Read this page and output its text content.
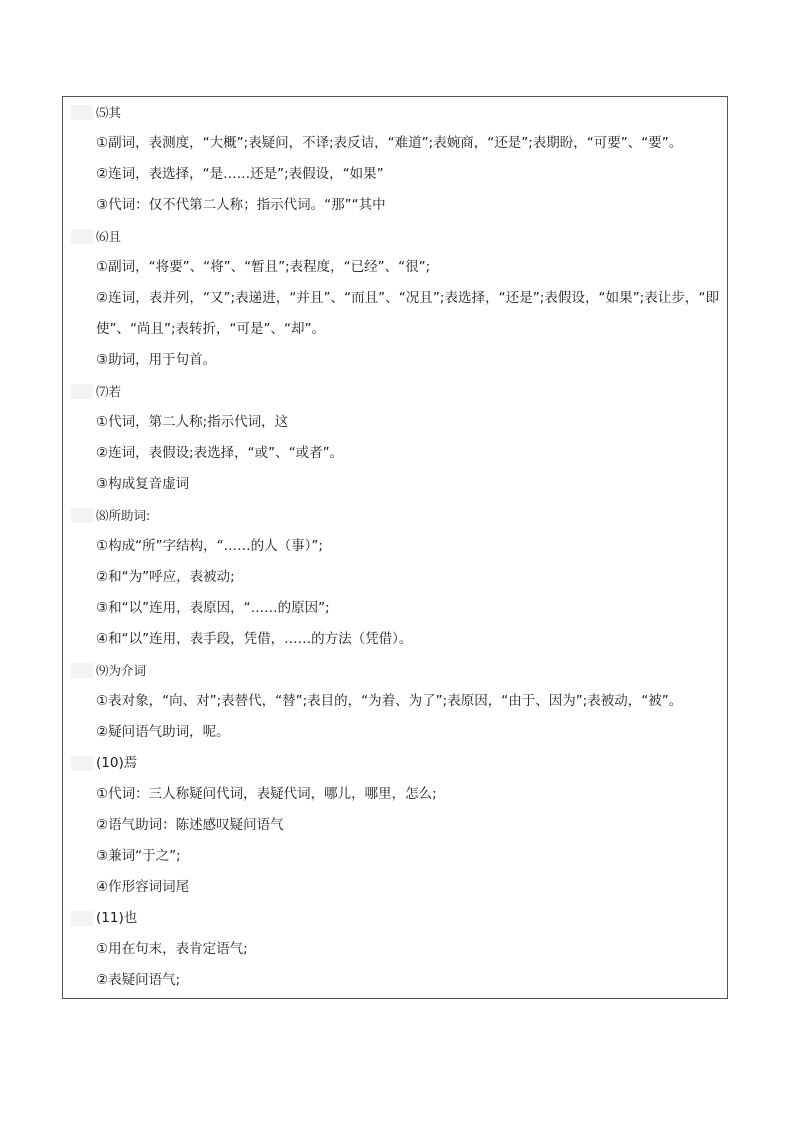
⑸其
①副词，表测度，“大概”;表疑问，不译;表反诘，“难道”;表婉商，“还是”;表期盼，“可要”、“要”。
②连词，表选择，“是……还是”;表假设，“如果”
③代词：仅不代第二人称；指示代词。“那”“其中
⑹且
①副词，“将要”、“将”、“暂且”;表程度，“已经”、“很”;
②连词，表并列，“又”;表递进，“并且”、“而且”、“况且”;表选择，“还是”;表假设，“如果”;表让步，“即使”、“尚且”;表转折，“可是”、“却”。
③助词，用于句首。
⑺若
①代词，第二人称;指示代词，这
②连词，表假设;表选择，“或”、“或者”。
③构成复音虚词
⑻所助词:
①构成“所”字结构，“……的人（事）”;
②和“为”呼应，表被动;
③和“以”连用，表原因，“……的原因”;
④和“以”连用，表手段，凭借，……的方法（凭借）。
⑼为介词
①表对象，“向、对”;表替代，“替”;表目的，“为着、为了”;表原因，“由于、因为”;表被动，“被”。
②疑问语气助词，呢。
(10)焉
①代词：三人称疑问代词，表疑代词，哪儿，哪里，怎么;
②语气助词：陈述感叹疑问语气
③兼词“于之”;
④作形容词词尾
(11)也
①用在句末，表肯定语气;
②表疑问语气;
